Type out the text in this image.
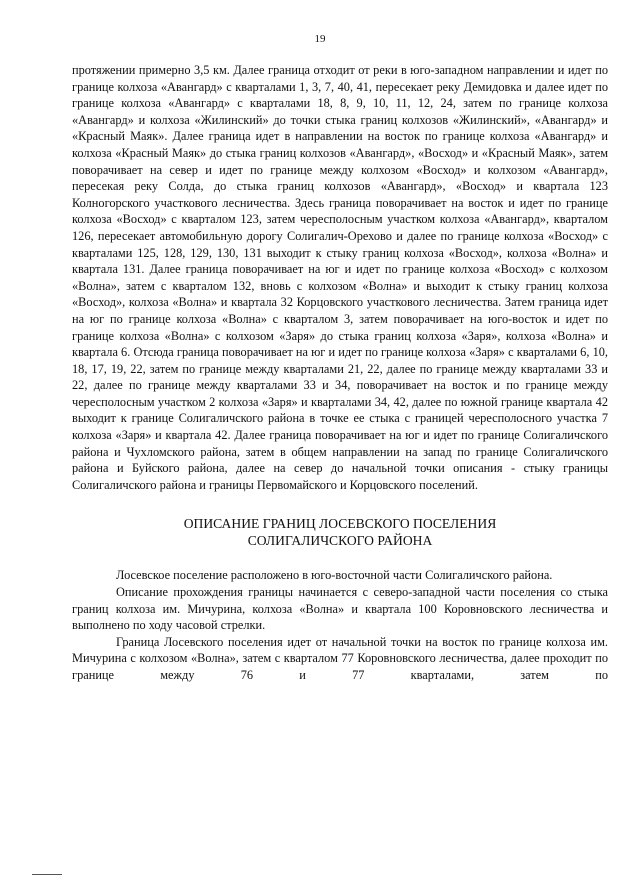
19

протяжении примерно 3,5 км. Далее граница отходит от реки в юго-западном направлении и идет по границе колхоза «Авангард» с кварталами 1, 3, 7, 40, 41, пересекает реку Демидовка и далее идет по границе колхоза «Авангард» с кварталами 18, 8, 9, 10, 11, 12, 24, затем по границе колхоза «Авангард» и колхоза «Жилинский» до точки стыка границ колхозов «Жилинский», «Авангард» и «Красный Маяк». Далее граница идет в направлении на восток по границе колхоза «Авангард» и колхоза «Красный Маяк» до стыка границ колхозов «Авангард», «Восход» и «Красный Маяк», затем поворачивает на север и идет по границе между колхозом «Восход» и колхозом «Авангард», пересекая реку Солда, до стыка границ колхозов «Авангард», «Восход» и квартала 123 Колногорского участкового лесничества. Здесь граница поворачивает на восток и идет по границе колхоза «Восход» с кварталом 123, затем чересполосным участком колхоза «Авангард», кварталом 126, пересекает автомобильную дорогу Солигалич-Орехово и далее по границе колхоза «Восход» с кварталами 125, 128, 129, 130, 131 выходит к стыку границ колхоза «Восход», колхоза «Волна» и квартала 131. Далее граница поворачивает на юг и идет по границе колхоза «Восход» с колхозом «Волна», затем с кварталом 132, вновь с колхозом «Волна» и выходит к стыку границ колхоза «Восход», колхоза «Волна» и квартала 32 Корцовского участкового лесничества. Затем граница идет на юг по границе колхоза «Волна» с кварталом 3, затем поворачивает на юго-восток и идет по границе колхоза «Волна» с колхозом «Заря» до стыка границ колхоза «Заря», колхоза «Волна» и квартала 6. Отсюда граница поворачивает на юг и идет по границе колхоза «Заря» с кварталами 6, 10, 18, 17, 19, 22, затем по границе между кварталами 21, 22, далее по границе между кварталами 33 и 22, далее по границе между кварталами 33 и 34, поворачивает на восток и по границе между чересполосным участком 2 колхоза «Заря» и кварталами 34, 42, далее по южной границе квартала 42 выходит к границе Солигаличского района в точке ее стыка с границей чересполосного участка 7 колхоза «Заря» и квартала 42. Далее граница поворачивает на юг и идет по границе Солигаличского района и Чухломского района, затем в общем направлении на запад по границе Солигаличского района и Буйского района, далее на север до начальной точки описания - стыку границы Солигаличского района и границы Первомайского и Корцовского поселений.

ОПИСАНИЕ ГРАНИЦ ЛОСЕВСКОГО ПОСЕЛЕНИЯ
СОЛИГАЛИЧСКОГО РАЙОНА

Лосевское поселение расположено в юго-восточной части Солигаличского района.

Описание прохождения границы начинается с северо-западной части поселения со стыка границ колхоза им. Мичурина, колхоза «Волна» и квартала 100 Коровновского лесничества и выполнено по ходу часовой стрелки.

Граница Лосевского поселения идет от начальной точки на восток по границе колхоза им. Мичурина с колхозом «Волна», затем с кварталом 77 Коровновского лесничества, далее проходит по границе между 76 и 77 кварталами, затем по
